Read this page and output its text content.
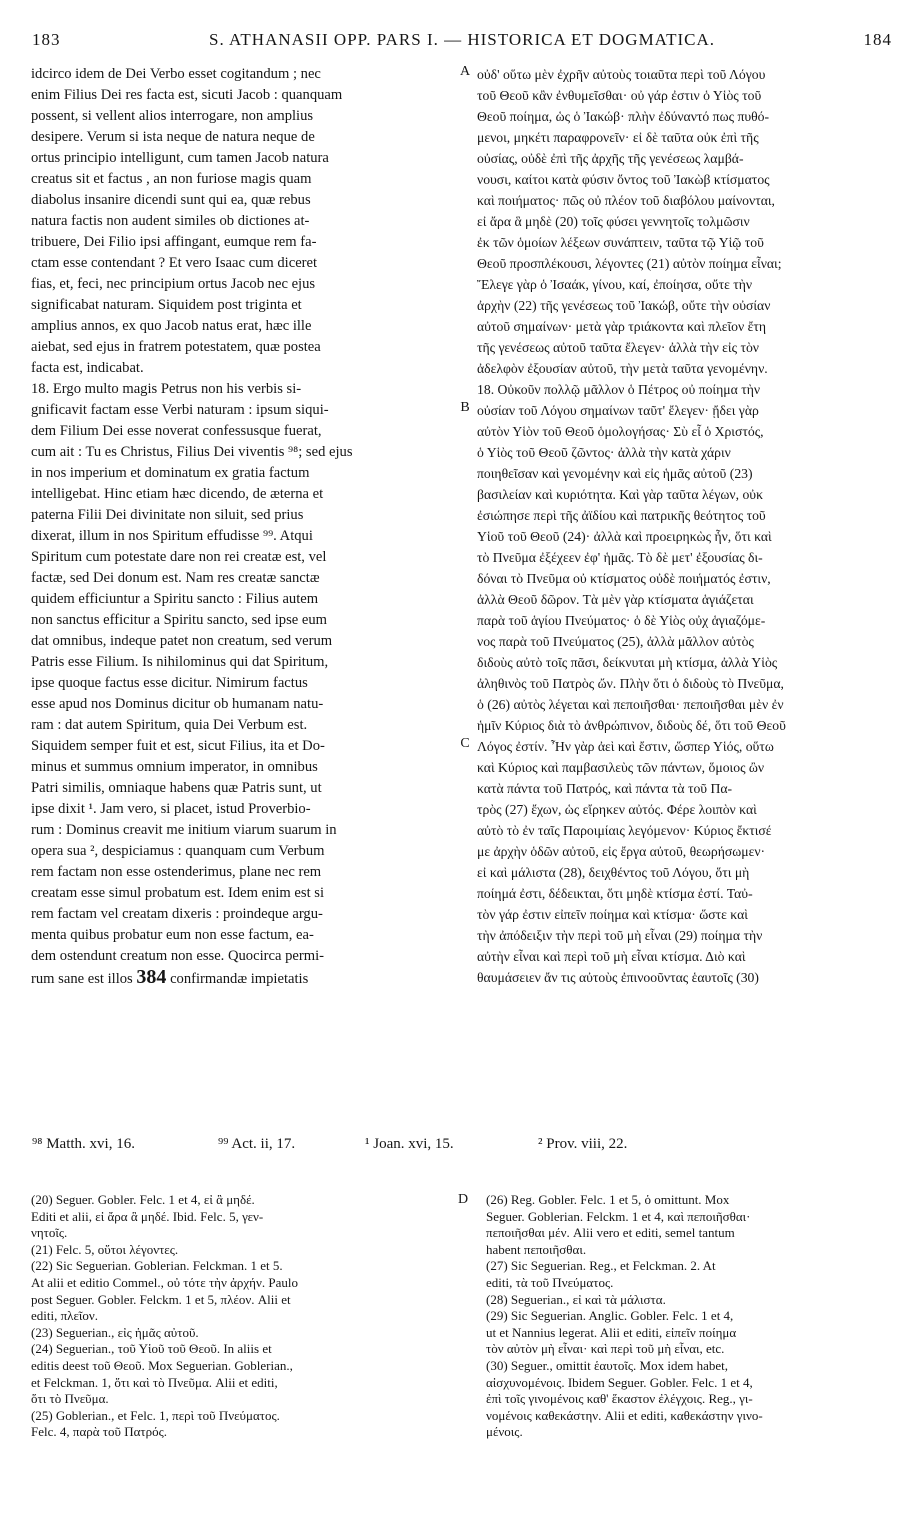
183	S. ATHANASII OPP. PARS I. — HISTORICA ET DOGMATICA.	184
idcirco idem de Dei Verbo esset cogitandum ; nec
enim Filius Dei res facta est, sicuti Jacob : quanquam
possent, si vellent alios interrogare, non amplius
desipere. Verum si ista neque de natura neque de
ortus principio intelligunt, cum tamen Jacob natura
creatus sit et factus , an non furiose magis quam
diabolus insanire dicendi sunt qui ea, quæ rebus
natura factis non audent similes ob dictiones at-
tribuere, Dei Filio ipsi affingant, eumque rem fa-
ctam esse contendant ? Et vero Isaac cum diceret
fias, et, feci, nec principium ortus Jacob nec ejus
significabat naturam. Siquidem post triginta et
amplius annos, ex quo Jacob natus erat, hæc ille
aiebat, sed ejus in fratrem potestatem, quæ postea
facta est, indicabat.
18. Ergo multo magis Petrus non his verbis si-
gnificavit factam esse Verbi naturam : ipsum siqui-
dem Filium Dei esse noverat confessusque fuerat,
cum ait : Tu es Christus, Filius Dei viventis ⁹⁸; sed ejus
in nos imperium et dominatum ex gratia factum
intelligebat. Hinc etiam hæc dicendo, de æterna et
paterna Filii Dei divinitate non siluit, sed prius
dixerat, illum in nos Spiritum effudisse ⁹⁹. Atqui
Spiritum cum potestate dare non rei creatæ est, vel
factæ, sed Dei donum est. Nam res creatæ sanctæ
quidem efficiuntur a Spiritu sancto : Filius autem
non sanctus efficitur a Spiritu sancto, sed ipse eum
dat omnibus, indeque patet non creatum, sed verum
Patris esse Filium. Is nihilominus qui dat Spiritum,
ipse quoque factus esse dicitur. Nimirum factus
esse apud nos Dominus dicitur ob humanam natu-
ram : dat autem Spiritum, quia Dei Verbum est.
Siquidem semper fuit et est, sicut Filius, ita et Do-
minus et summus omnium imperator, in omnibus
Patri similis, omniaque habens quæ Patris sunt, ut
ipse dixit ¹. Jam vero, si placet, istud Proverbio-
rum : Dominus creavit me initium viarum suarum in
opera sua ², despiciamus : quanquam cum Verbum
rem factam non esse ostenderimus, plane nec rem
creatam esse simul probatum est. Idem enim est si
rem factam vel creatam dixeris : proindeque argu-
menta quibus probatur eum non esse factum, ea-
dem ostendunt creatum non esse. Quocirca permi-
rum sane est illos 384 confirmandæ impietatis
οὐδ' οὕτω μὲν ἐχρῆν αὐτοὺς τοιαῦτα περὶ τοῦ Λόγου
τοῦ Θεοῦ κἂν ἐνθυμεῖσθαι· οὐ γάρ ἐστιν ὁ Υἱὸς τοῦ
Θεοῦ ποίημα, ὡς ὁ Ἰακώβ· πλὴν ἐδύναντό πως πυθό-
μενοι, μηκέτι παραφρονεῖν· εἰ δὲ ταῦτα οὐκ ἐπὶ τῆς
οὐσίας, οὐδὲ ἐπὶ τῆς ἀρχῆς τῆς γενέσεως λαμβά-
νουσι, καίτοι κατὰ φύσιν ὄντος τοῦ Ἰακὼβ κτίσματος
καὶ ποιήματος· πῶς οὐ πλέον τοῦ διαβόλου μαίνονται,
εἰ ἄρα ἃ μηδὲ (20) τοῖς φύσει γεννητοῖς τολμῶσιν
ἐκ τῶν ὁμοίων λέξεων συνάπτειν, ταῦτα τῷ Υἱῷ τοῦ
Θεοῦ προσπλέκουσι, λέγοντες (21) αὐτὸν ποίημα εἶναι;
Ἔλεγε γὰρ ὁ Ἰσαάκ, γίνου, καί, ἐποίησα, οὔτε τὴν
ἀρχὴν (22) τῆς γενέσεως τοῦ Ἰακώβ, οὔτε τὴν οὐσίαν
αὐτοῦ σημαίνων· μετὰ γὰρ τριάκοντα καὶ πλεῖον ἔτη
τῆς γενέσεως αὐτοῦ ταῦτα ἔλεγεν· ἀλλὰ τὴν εἰς τὸν
ἀδελφὸν ἐξουσίαν αὐτοῦ, τὴν μετὰ ταῦτα γενομένην.
18. Οὐκοῦν πολλῷ μᾶλλον ὁ Πέτρος οὐ ποίημα τὴν
οὐσίαν τοῦ Λόγου σημαίνων ταῦτ' ἔλεγεν· ᾔδει γὰρ
αὐτὸν Υἱὸν τοῦ Θεοῦ ὁμολογήσας· Σὺ εἶ ὁ Χριστός,
ὁ Υἱὸς τοῦ Θεοῦ ζῶντος· ἀλλὰ τὴν κατὰ χάριν
ποιηθεῖσαν καὶ γενομένην καὶ εἰς ἡμᾶς αὐτοῦ (23)
βασιλείαν καὶ κυριότητα. Καὶ γὰρ ταῦτα λέγων, οὐκ
ἐσιώπησε περὶ τῆς ἀϊδίου καὶ πατρικῆς θεότητος τοῦ
Υἱοῦ τοῦ Θεοῦ (24)· ἀλλὰ καὶ προειρηκὼς ἦν, ὅτι καὶ
τὸ Πνεῦμα ἐξέχεεν ἐφ' ἡμᾶς. Τὸ δὲ μετ' ἐξουσίας δι-
δόναι τὸ Πνεῦμα οὐ κτίσματος οὐδὲ ποιήματός ἐστιν,
ἀλλὰ Θεοῦ δῶρον. Τὰ μὲν γὰρ κτίσματα ἁγιάζεται
παρὰ τοῦ ἁγίου Πνεύματος· ὁ δὲ Υἱὸς οὐχ ἁγιαζόμε-
νος παρὰ τοῦ Πνεύματος (25), ἀλλὰ μᾶλλον αὐτὸς
διδοὺς αὐτὸ τοῖς πᾶσι, δείκνυται μὴ κτίσμα, ἀλλὰ Υἱὸς
ἀληθινὸς τοῦ Πατρὸς ὤν. Πλὴν ὅτι ὁ διδοὺς τὸ Πνεῦμα,
ὁ (26) αὐτὸς λέγεται καὶ πεποιῆσθαι· πεποιῆσθαι μὲν ἐν
ἡμῖν Κύριος διὰ τὸ ἀνθρώπινον, διδοὺς δέ, ὅτι τοῦ Θεοῦ
Λόγος ἐστίν. Ἦν γὰρ ἀεὶ καὶ ἔστιν, ὥσπερ Υἱός, οὕτω
καὶ Κύριος καὶ παμβασιλεὺς τῶν πάντων, ὅμοιος ὢν
κατὰ πάντα τοῦ Πατρός, καὶ πάντα τὰ τοῦ Πα-
τρὸς (27) ἔχων, ὡς εἴρηκεν αὐτός. Φέρε λοιπὸν καὶ
αὐτὸ τὸ ἐν ταῖς Παροιμίαις λεγόμενον· Κύριος ἔκτισέ
με ἀρχὴν ὁδῶν αὐτοῦ, εἰς ἔργα αὐτοῦ, θεωρήσωμεν·
εἰ καὶ μάλιστα (28), δειχθέντος τοῦ Λόγου, ὅτι μὴ
ποίημά ἐστι, δέδεικται, ὅτι μηδὲ κτίσμα ἐστί. Ταὐ-
τὸν γάρ ἐστιν εἰπεῖν ποίημα καὶ κτίσμα· ὥστε καὶ
τὴν ἀπόδειξιν τὴν περὶ τοῦ μὴ εἶναι (29) ποίημα τὴν
αὐτὴν εἶναι καὶ περὶ τοῦ μὴ εἶναι κτίσμα. Διὸ καὶ
θαυμάσειεν ἄν τις αὐτοὺς ἐπινοοῦντας ἑαυτοῖς (30)
A
B
C
⁹⁸ Matth. xvi, 16.	⁹⁹ Act. ii, 17.	¹ Joan. xvi, 15.	² Prov. viii, 22.
(20) Seguer. Gobler. Felc. 1 et 4, εἰ ἃ μηδέ.
Editi et alii, εἰ ἄρα ἃ μηδέ. Ibid. Felc. 5, γεν-
νητοῖς.
(21) Felc. 5, οὕτοι λέγοντες.
(22) Sic Seguerian. Goblerian. Felckman. 1 et 5.
At alii et editio Commel., οὐ τότε τὴν ἀρχήν. Paulo
post Seguer. Gobler. Felckm. 1 et 5, πλέον. Alii et
editi, πλεῖον.
(23) Seguerian., εἰς ἡμᾶς αὐτοῦ.
(24) Seguerian., τοῦ Υἱοῦ τοῦ Θεοῦ. In aliis et
editis deest τοῦ Θεοῦ. Mox Seguerian. Goblerian.,
et Felckman. 1, ὅτι καὶ τὸ Πνεῦμα. Alii et editi,
ὅτι τὸ Πνεῦμα.
(25) Goblerian., et Felc. 1, περὶ τοῦ Πνεύματος.
Felc. 4, παρὰ τοῦ Πατρός.
D (26) Reg. Gobler. Felc. 1 et 5, ὁ omittunt. Mox
Seguer. Goblerian. Felckm. 1 et 4, καὶ πεποιῆσθαι·
πεποιῆσθαι μέν. Alii vero et editi, semel tantum
habent πεποιῆσθαι.
(27) Sic Seguerian. Reg., et Felckman. 2. At
editi, τὰ τοῦ Πνεύματος.
(28) Seguerian., εἰ καὶ τὰ μάλιστα.
(29) Sic Seguerian. Anglic. Gobler. Felc. 1 et 4,
ut et Nannius legerat. Alii et editi, εἰπεῖν ποίημα
τὸν αὐτὸν μὴ εἶναι· καὶ περὶ τοῦ μὴ εἶναι, etc.
(30) Seguer., omittit ἑαυτοῖς. Mox idem habet,
αἰσχυνομένοις. Ibidem Seguer. Gobler. Felc. 1 et 4,
ἐπὶ τοῖς γινομένοις καθ' ἕκαστον ἐλέγχοις. Reg., γι-
νομένοις καθεκάστην. Alii et editi, καθεκάστην γινο-
μένοις.
